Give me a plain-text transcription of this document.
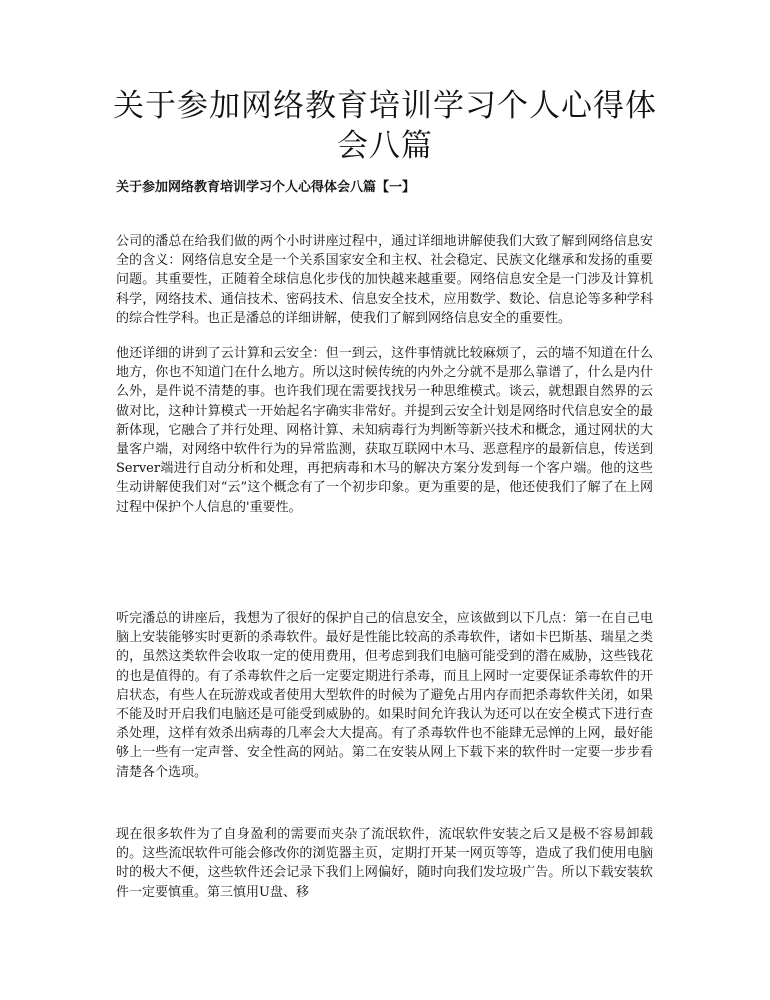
关于参加网络教育培训学习个人心得体
会八篇
关于参加网络教育培训学习个人心得体会八篇【一】

公司的潘总在给我们做的两个小时讲座过程中，通过详细地讲解使我们大致了解到网络信息安全的含义：网络信息安全是一个关系国家安全和主权、社会稳定、民族文化继承和发扬的重要问题。其重要性，正随着全球信息化步伐的加快越来越重要。网络信息安全是一门涉及计算机科学，网络技术、通信技术、密码技术、信息安全技术，应用数学、数论、信息论等多种学科的综合性学科。也正是潘总的详细讲解，使我们了解到网络信息安全的重要性。

他还详细的讲到了云计算和云安全：但一到云，这件事情就比较麻烦了，云的墙不知道在什么地方，你也不知道门在什么地方。所以这时候传统的内外之分就不是那么靠谱了，什么是内什么外，是件说不清楚的事。也许我们现在需要找找另一种思维模式。谈云，就想跟自然界的云做对比，这种计算模式一开始起名字确实非常好。并提到云安全计划是网络时代信息安全的最新体现，它融合了并行处理、网格计算、未知病毒行为判断等新兴技术和概念，通过网状的大量客户端，对网络中软件行为的异常监测，获取互联网中木马、恶意程序的最新信息，传送到Server端进行自动分析和处理，再把病毒和木马的解决方案分发到每一个客户端。他的这些生动讲解使我们对“云”这个概念有了一个初步印象。更为重要的是，他还使我们了解了在上网过程中保护个人信息的'重要性。

听完潘总的讲座后，我想为了很好的保护自己的信息安全，应该做到以下几点：第一在自己电脑上安装能够实时更新的杀毒软件。最好是性能比较高的杀毒软件，诸如卡巴斯基、瑞星之类的，虽然这类软件会收取一定的使用费用，但考虑到我们电脑可能受到的潜在威胁，这些钱花的也是值得的。有了杀毒软件之后一定要定期进行杀毒，而且上网时一定要保证杀毒软件的开启状态，有些人在玩游戏或者使用大型软件的时候为了避免占用内存而把杀毒软件关闭，如果不能及时开启我们电脑还是可能受到威胁的。如果时间允许我认为还可以在安全模式下进行查杀处理，这样有效杀出病毒的几率会大大提高。有了杀毒软件也不能肆无忌惮的上网，最好能够上一些有一定声誉、安全性高的网站。第二在安装从网上下载下来的软件时一定要一步步看清楚各个选项。

现在很多软件为了自身盈利的需要而夹杂了流氓软件，流氓软件安装之后又是极不容易卸载的。这些流氓软件可能会修改你的浏览器主页，定期打开某一网页等等，造成了我们使用电脑时的极大不便，这些软件还会记录下我们上网偏好，随时向我们发垃圾广告。所以下载安装软件一定要慎重。第三慎用U盘、移
